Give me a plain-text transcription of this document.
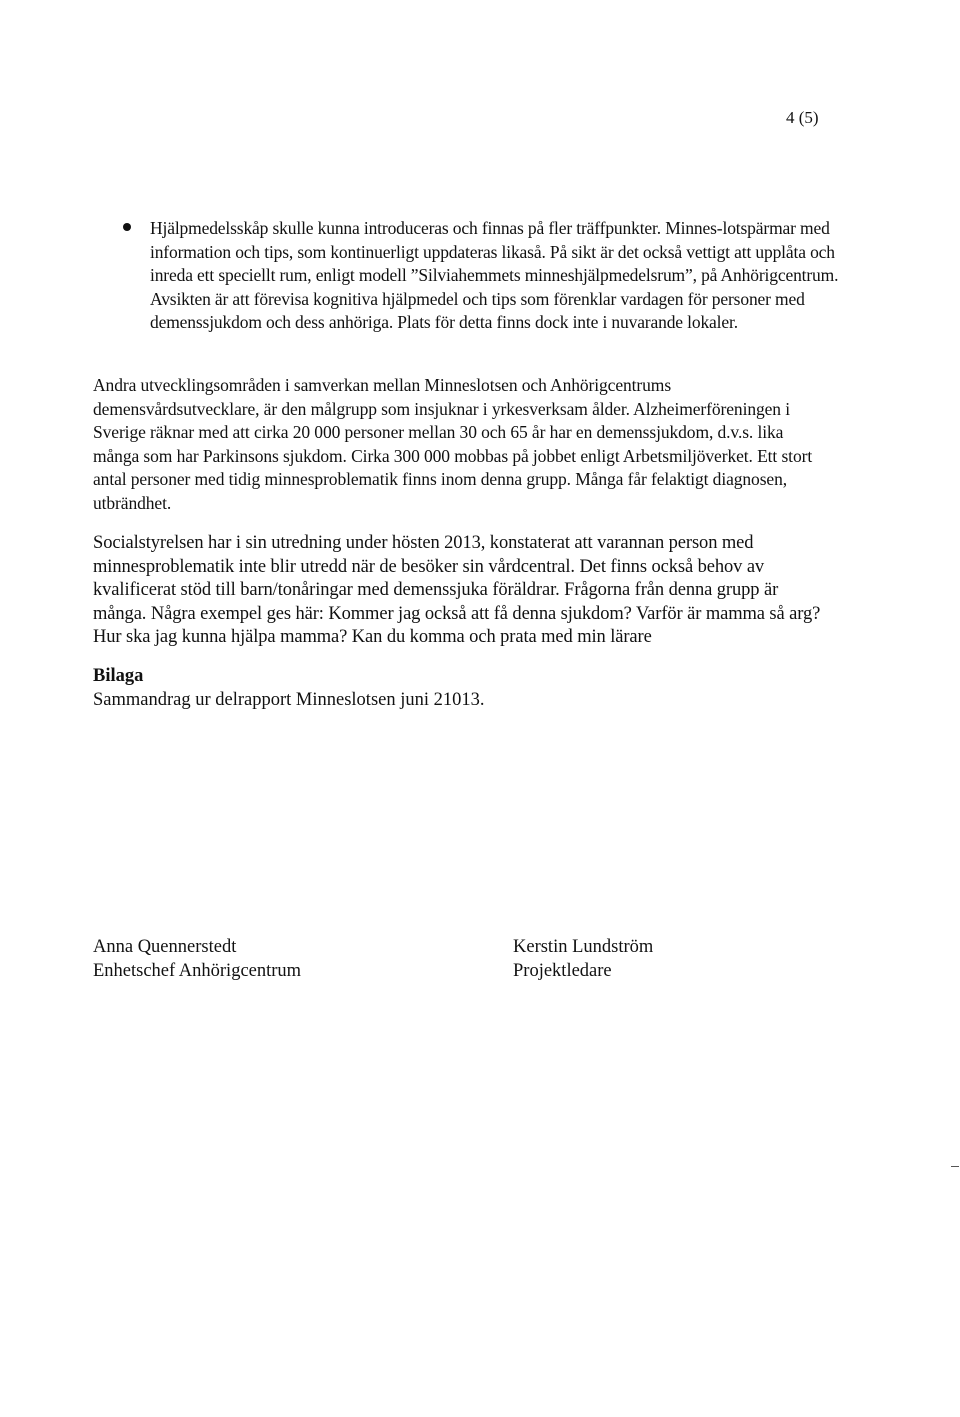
4 (5)

Hjälpmedelsskåp skulle kunna introduceras och finnas på fler träffpunkter. Minnes-lotspärmar med information och tips, som kontinuerligt uppdateras likaså. På sikt är det också vettigt att upplåta och inreda ett speciellt rum, enligt modell ”Silviahemmets minneshjälpmedelsrum”, på Anhörigcentrum. Avsikten är att förevisa kognitiva hjälpmedel och tips som förenklar vardagen för personer med demenssjukdom och dess anhöriga. Plats för detta finns dock inte i nuvarande lokaler.

Andra utvecklingsområden i samverkan mellan Minneslotsen och Anhörigcentrums demensvårdsutvecklare, är den målgrupp som insjuknar i yrkesverksam ålder. Alzheimerföreningen i Sverige räknar med att cirka 20 000 personer mellan 30 och 65 år har en demenssjukdom, d.v.s. lika många som har Parkinsons sjukdom. Cirka 300 000 mobbas på jobbet enligt Arbetsmiljöverket. Ett stort antal personer med tidig minnesproblematik finns inom denna grupp. Många får felaktigt diagnosen, utbrändhet.

Socialstyrelsen har i sin utredning under hösten 2013, konstaterat att varannan person med minnesproblematik inte blir utredd när de besöker sin vårdcentral. Det finns också behov av kvalificerat stöd till barn/tonåringar med demenssjuka föräldrar. Frågorna från denna grupp är många. Några exempel ges här: Kommer jag också att få denna sjukdom? Varför är mamma så arg? Hur ska jag kunna hjälpa mamma? Kan du komma och prata med min lärare

Bilaga

Sammandrag ur delrapport Minneslotsen juni 21013.

Anna Quennerstedt
Enhetschef Anhörigcentrum
Kerstin Lundström
Projektledare
